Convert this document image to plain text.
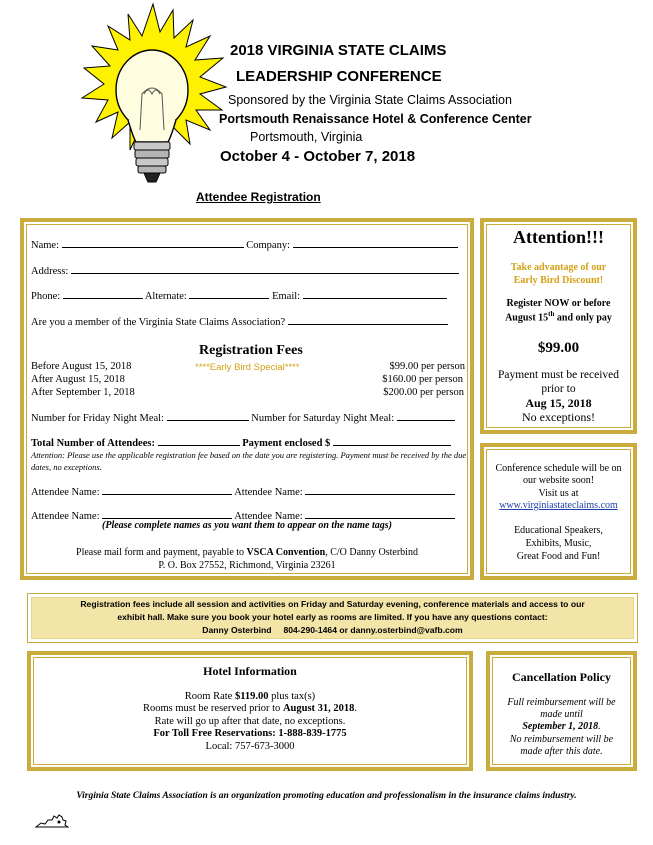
2018 VIRGINIA STATE CLAIMS
LEADERSHIP CONFERENCE
Sponsored by the Virginia State Claims Association
Portsmouth Renaissance Hotel & Conference Center
Portsmouth, Virginia
October 4 - October 7, 2018
Attendee Registration
Name:	Company:
Address:
Phone:	Alternate:	Email:
Are you a member of the Virginia State Claims Association?
Registration Fees
Before August 15, 2018	****Early Bird Special****	$99.00 per person
After August 15, 2018	$160.00 per person
After September 1, 2018	$200.00 per person
Number for Friday Night Meal:	Number for Saturday Night Meal:
Total Number of Attendees:	Payment enclosed $
Attention: Please use the applicable registration fee based on the date you are registering. Payment must be received by the due dates, no exceptions.
Attendee Name:	Attendee Name:
Attendee Name:	Attendee Name:
(Please complete names as you want them to appear on the name tags)
Please mail form and payment, payable to VSCA Convention, C/O Danny Osterbind
P. O. Box 27552, Richmond, Virginia 23261
Attention!!!
Take advantage of our
Early Bird Discount!
Register NOW or before
August 15th and only pay
$99.00
Payment must be received
prior to
Aug 15, 2018
No exceptions!
Conference schedule will be on
our website soon!
Visit us at
www.virginiastateclaims.com
Educational Speakers,
Exhibits, Music,
Great Food and Fun!
Registration fees include all session and activities on Friday and Saturday evening, conference materials and access to our
exhibit hall. Make sure you book your hotel early as rooms are limited. If you have any questions contact:
Danny Osterbind     804-290-1464 or danny.osterbind@vafb.com
Hotel Information
Room Rate $119.00 plus tax(s)
Rooms must be reserved prior to August 31, 2018.
Rate will go up after that date, no exceptions.
For Toll Free Reservations: 1-888-839-1775
Local: 757-673-3000
Cancellation Policy
Full reimbursement will be
made until
September 1, 2018.
No reimbursement will be
made after this date.
Virginia State Claims Association is an organization promoting education and professionalism in the insurance claims industry.
